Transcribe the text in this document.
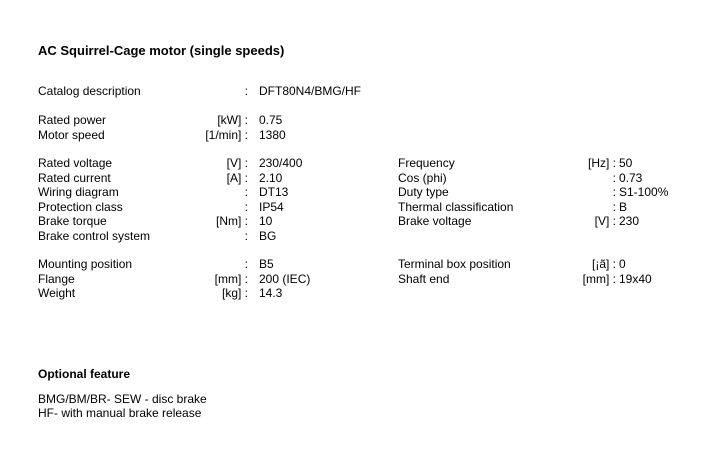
AC Squirrel-Cage motor (single speeds)
Catalog description	: DFT80N4/BMG/HF
Rated power	[kW] : 0.75
Motor speed	[1/min] : 1380
Rated voltage	[V] : 230/400	Frequency	[Hz] : 50
Rated current	[A] : 2.10	Cos (phi)	: 0.73
Wiring diagram	: DT13	Duty type	: S1-100%
Protection class	: IP54	Thermal classification	: B
Brake torque	[Nm] : 10	Brake voltage	[V] : 230
Brake control system	: BG
Mounting position	: B5	Terminal box position	[¡ã] : 0
Flange	[mm] : 200 (IEC)	Shaft end	[mm] : 19x40
Weight	[kg] : 14.3
Optional feature
BMG/BM/BR- SEW - disc brake
HF- with manual brake release
